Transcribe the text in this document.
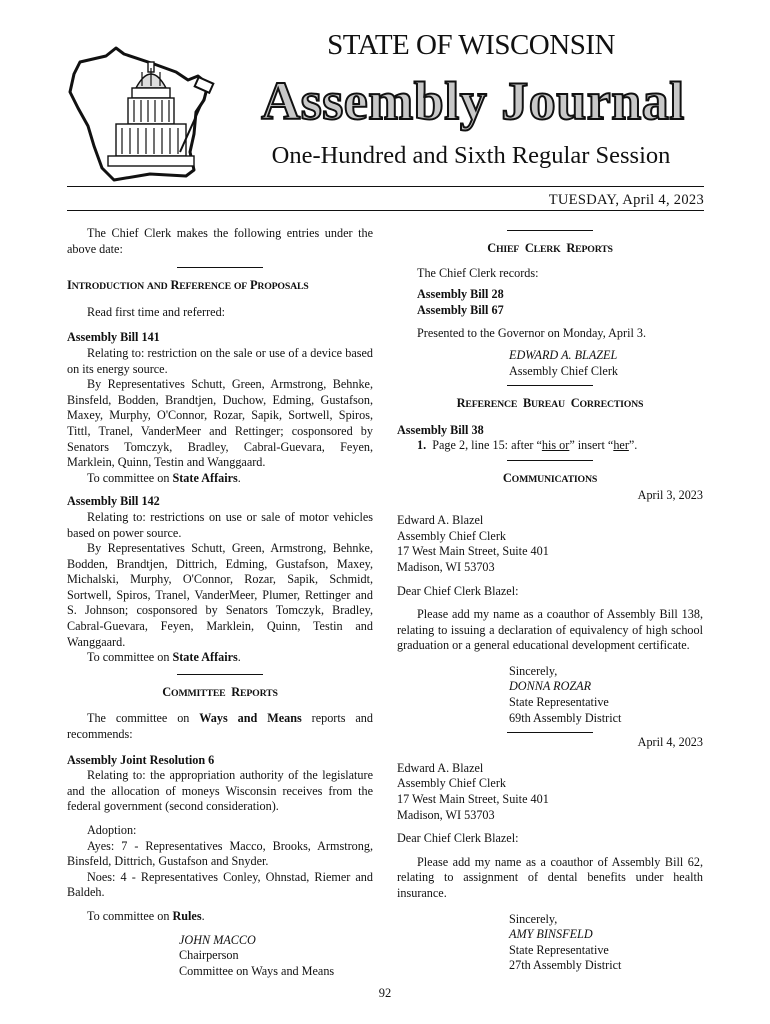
STATE OF WISCONSIN
Assembly Journal
One-Hundred and Sixth Regular Session
TUESDAY, April 4, 2023

The Chief Clerk makes the following entries under the above date:

INTRODUCTION AND REFERENCE OF PROPOSALS

Read first time and referred:

Assembly Bill 141

Relating to: restriction on the sale or use of a device based on its energy source.

By Representatives Schutt, Green, Armstrong, Behnke, Binsfeld, Bodden, Brandtjen, Duchow, Edming, Gustafson, Maxey, Murphy, O'Connor, Rozar, Sapik, Sortwell, Spiros, Tittl, Tranel, VanderMeer and Rettinger; cosponsored by Senators Tomczyk, Bradley, Cabral-Guevara, Feyen, Marklein, Quinn, Testin and Wanggaard.

To committee on State Affairs.

Assembly Bill 142

Relating to: restrictions on use or sale of motor vehicles based on power source.

By Representatives Schutt, Green, Armstrong, Behnke, Bodden, Brandtjen, Dittrich, Edming, Gustafson, Maxey, Michalski, Murphy, O'Connor, Rozar, Sapik, Schmidt, Sortwell, Spiros, Tranel, VanderMeer, Plumer, Rettinger and S. Johnson; cosponsored by Senators Tomczyk, Bradley, Cabral-Guevara, Feyen, Marklein, Quinn, Testin and Wanggaard.

To committee on State Affairs.

COMMITTEE REPORTS

The committee on Ways and Means reports and recommends:

Assembly Joint Resolution 6

Relating to: the appropriation authority of the legislature and the allocation of moneys Wisconsin receives from the federal government (second consideration).

Adoption:

Ayes: 7 - Representatives Macco, Brooks, Armstrong, Binsfeld, Dittrich, Gustafson and Snyder.

Noes: 4 - Representatives Conley, Ohnstad, Riemer and Baldeh.

To committee on Rules.

JOHN MACCO
Chairperson
Committee on Ways and Means

CHIEF CLERK REPORTS

The Chief Clerk records:

Assembly Bill 28

Assembly Bill 67

Presented to the Governor on Monday, April 3.

EDWARD A. BLAZEL
Assembly Chief Clerk

REFERENCE BUREAU CORRECTIONS

Assembly Bill 38

1. Page 2, line 15: after “his or” insert “her”.

COMMUNICATIONS

April 3, 2023

Edward A. Blazel
Assembly Chief Clerk
17 West Main Street, Suite 401
Madison, WI 53703

Dear Chief Clerk Blazel:

Please add my name as a coauthor of Assembly Bill 138, relating to issuing a declaration of equivalency of high school graduation or a general educational development certificate.

Sincerely,
DONNA ROZAR
State Representative
69th Assembly District

April 4, 2023

Edward A. Blazel
Assembly Chief Clerk
17 West Main Street, Suite 401
Madison, WI 53703

Dear Chief Clerk Blazel:

Please add my name as a coauthor of Assembly Bill 62, relating to assignment of dental benefits under health insurance.

Sincerely,
AMY BINSFELD
State Representative
27th Assembly District
92
